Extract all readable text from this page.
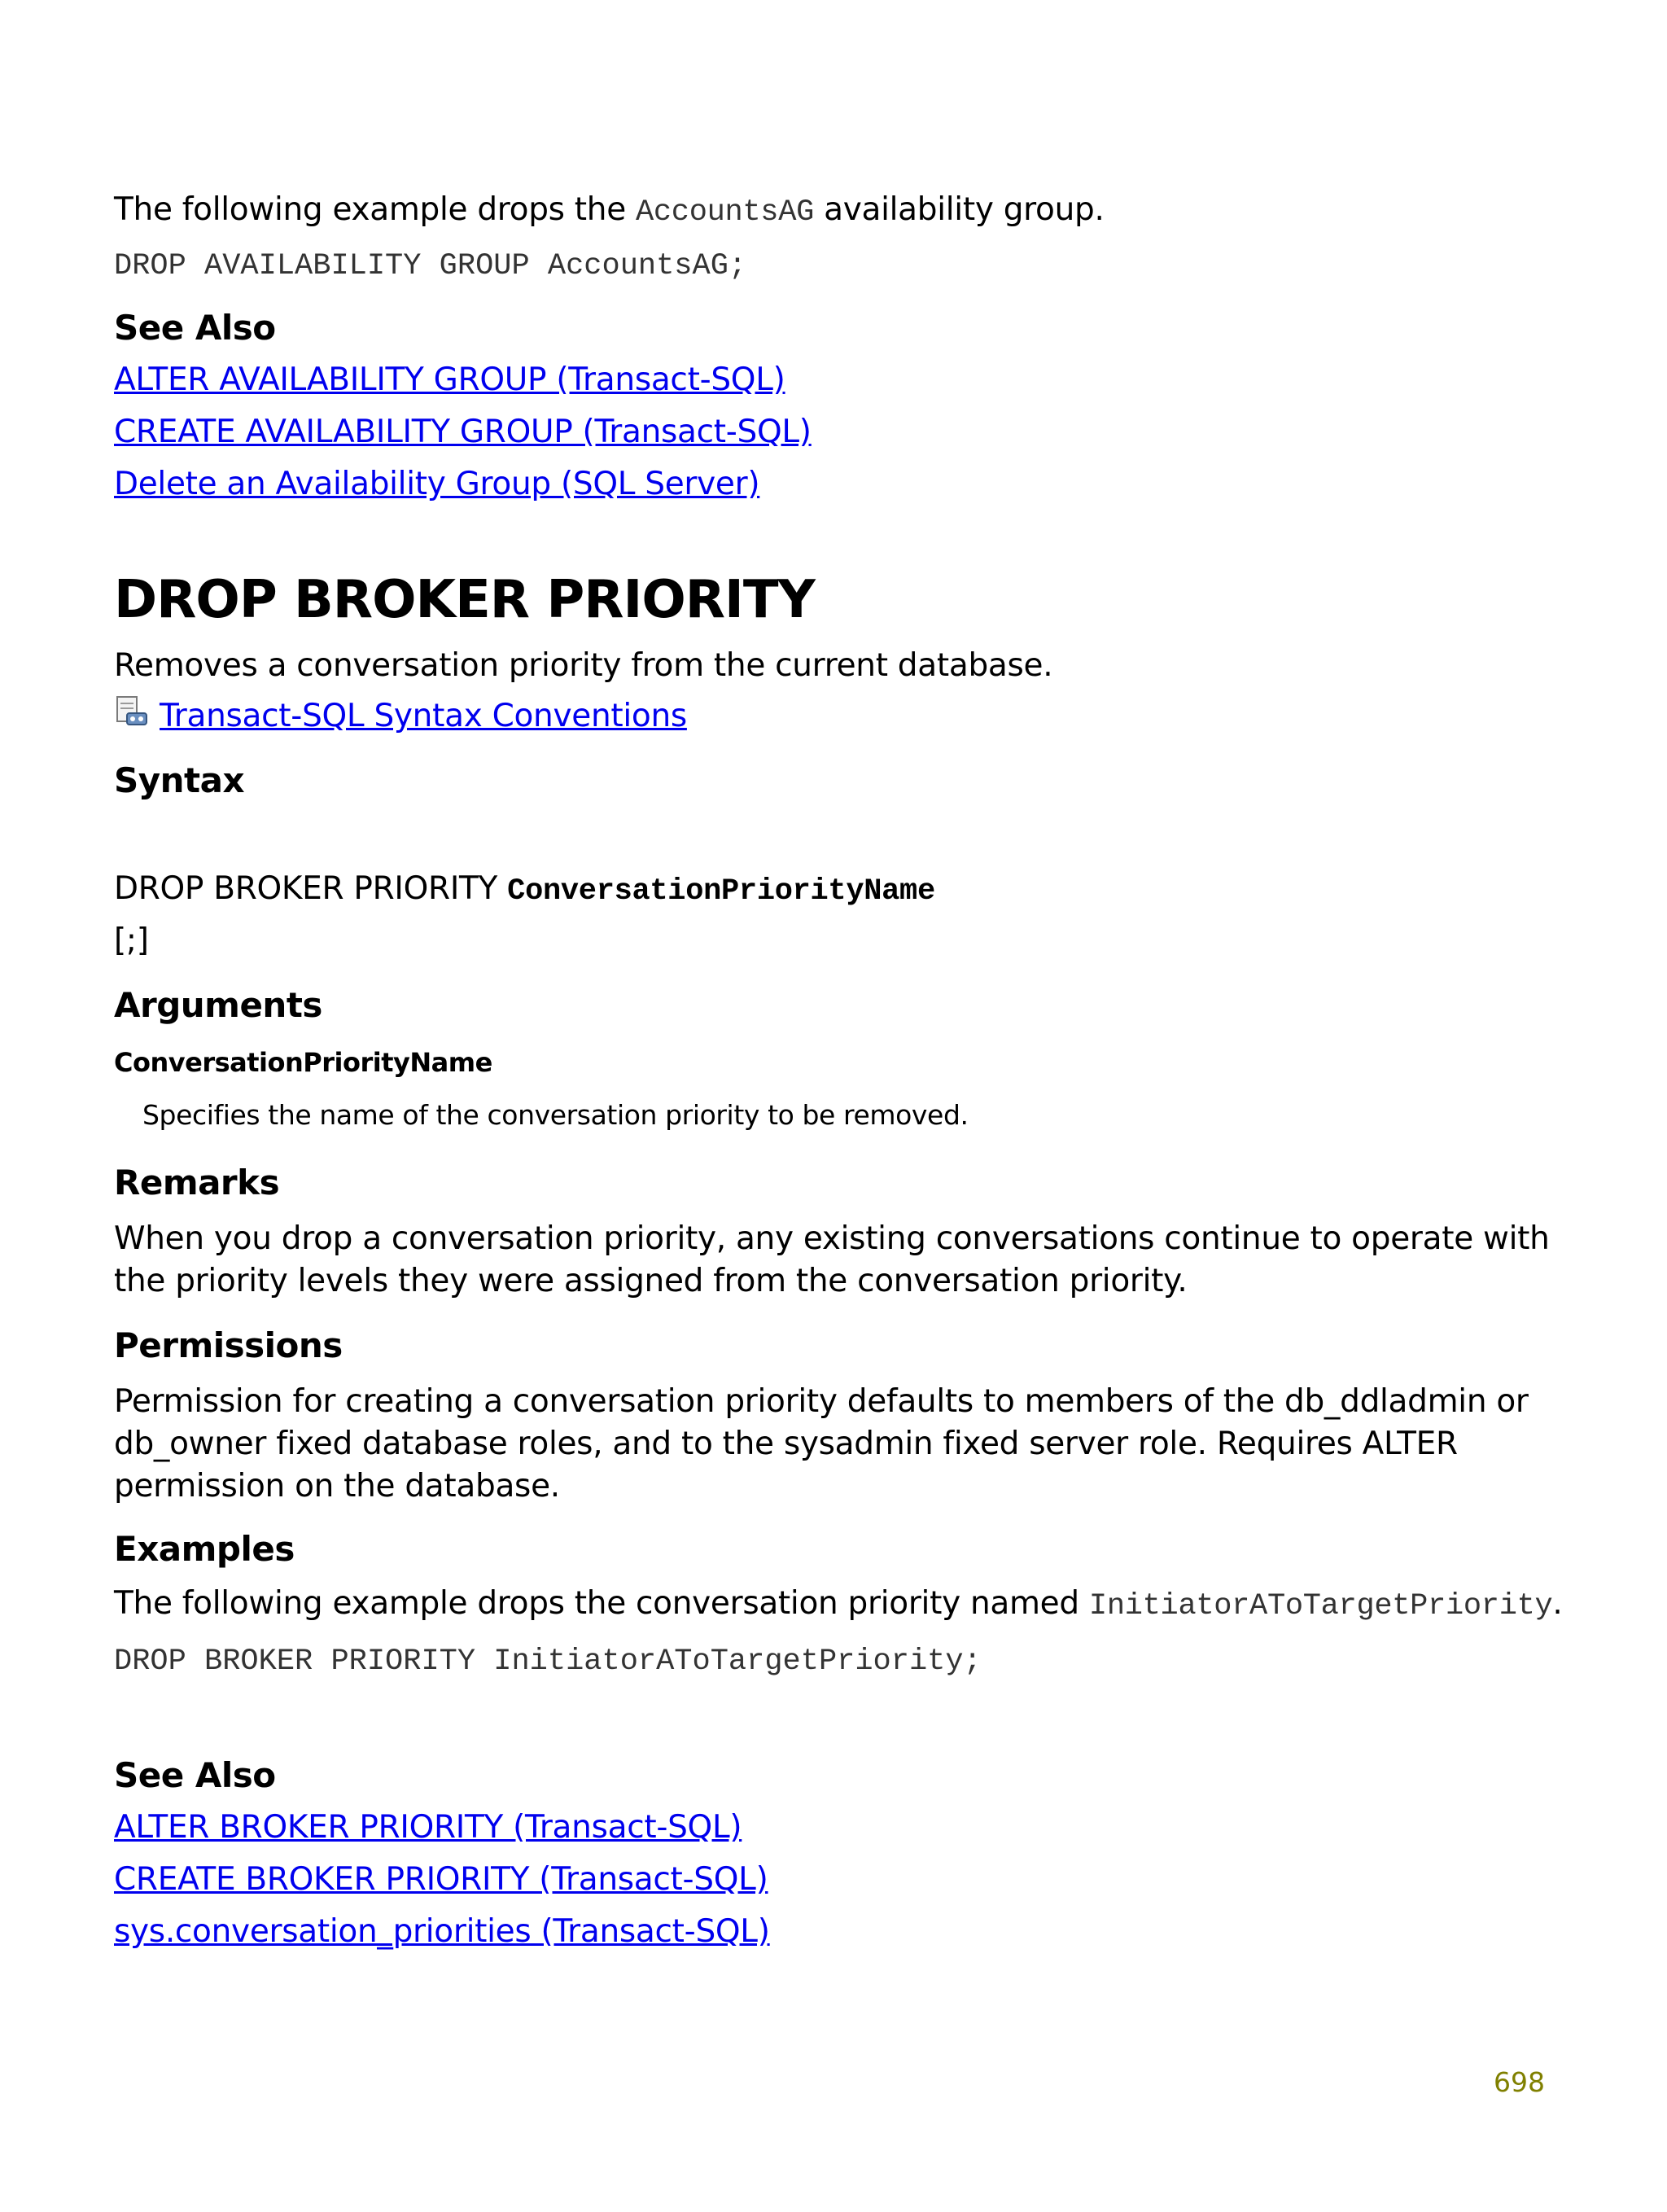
The following example drops the AccountsAG availability group.
DROP AVAILABILITY GROUP AccountsAG;
See Also
ALTER AVAILABILITY GROUP (Transact-SQL)
CREATE AVAILABILITY GROUP (Transact-SQL)
Delete an Availability Group (SQL Server)
DROP BROKER PRIORITY
Removes a conversation priority from the current database.
Transact-SQL Syntax Conventions
Syntax
DROP BROKER PRIORITY ConversationPriorityName
[;]
Arguments
ConversationPriorityName
Specifies the name of the conversation priority to be removed.
Remarks
When you drop a conversation priority, any existing conversations continue to operate with the priority levels they were assigned from the conversation priority.
Permissions
Permission for creating a conversation priority defaults to members of the db_ddladmin or db_owner fixed database roles, and to the sysadmin fixed server role. Requires ALTER permission on the database.
Examples
The following example drops the conversation priority named InitiatorAToTargetPriority.
DROP BROKER PRIORITY InitiatorAToTargetPriority;
See Also
ALTER BROKER PRIORITY (Transact-SQL)
CREATE BROKER PRIORITY (Transact-SQL)
sys.conversation_priorities (Transact-SQL)
698
